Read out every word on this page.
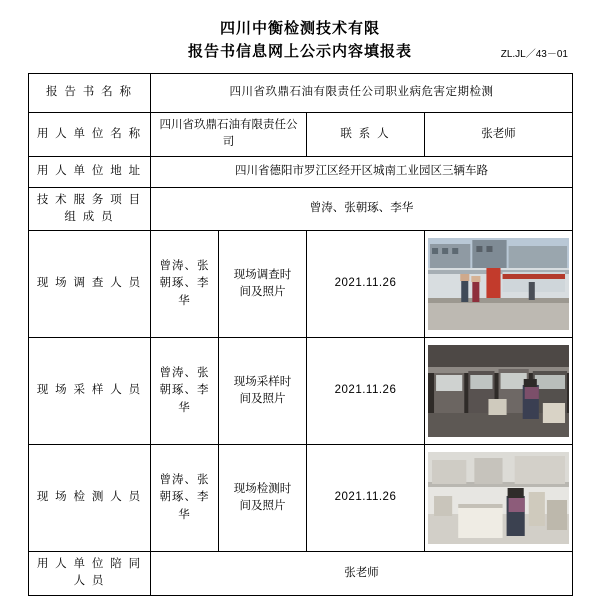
四川中衡检测技术有限
报告书信息网上公示内容填报表	ZL.JL／43－01
报 告 书 名 称	四川省玖鼎石油有限责任公司职业病危害定期检测			
用 人 单 位 名 称	四川省玖鼎石油有限责任公司		联 系 人	张老师
用 人 单 位 地 址	四川省德阳市罗江区经开区城南工业园区三辆车路			

技 术 服 务 项 目
组 成 员	曾涛、张朝琢、李华			
现 场 调 查 人 员	曾涛、张
朝琢、李
华	现场调查时
间及照片	2021.11.26	

现 场 采 样 人 员	曾涛、张
朝琢、李
华	现场采样时
间及照片	2021.11.26	

现 场 检 测 人 员	曾涛、张
朝琢、李
华	现场检测时
间及照片	2021.11.26	

用 人 单 位 陪 同
人 员	张老师			
